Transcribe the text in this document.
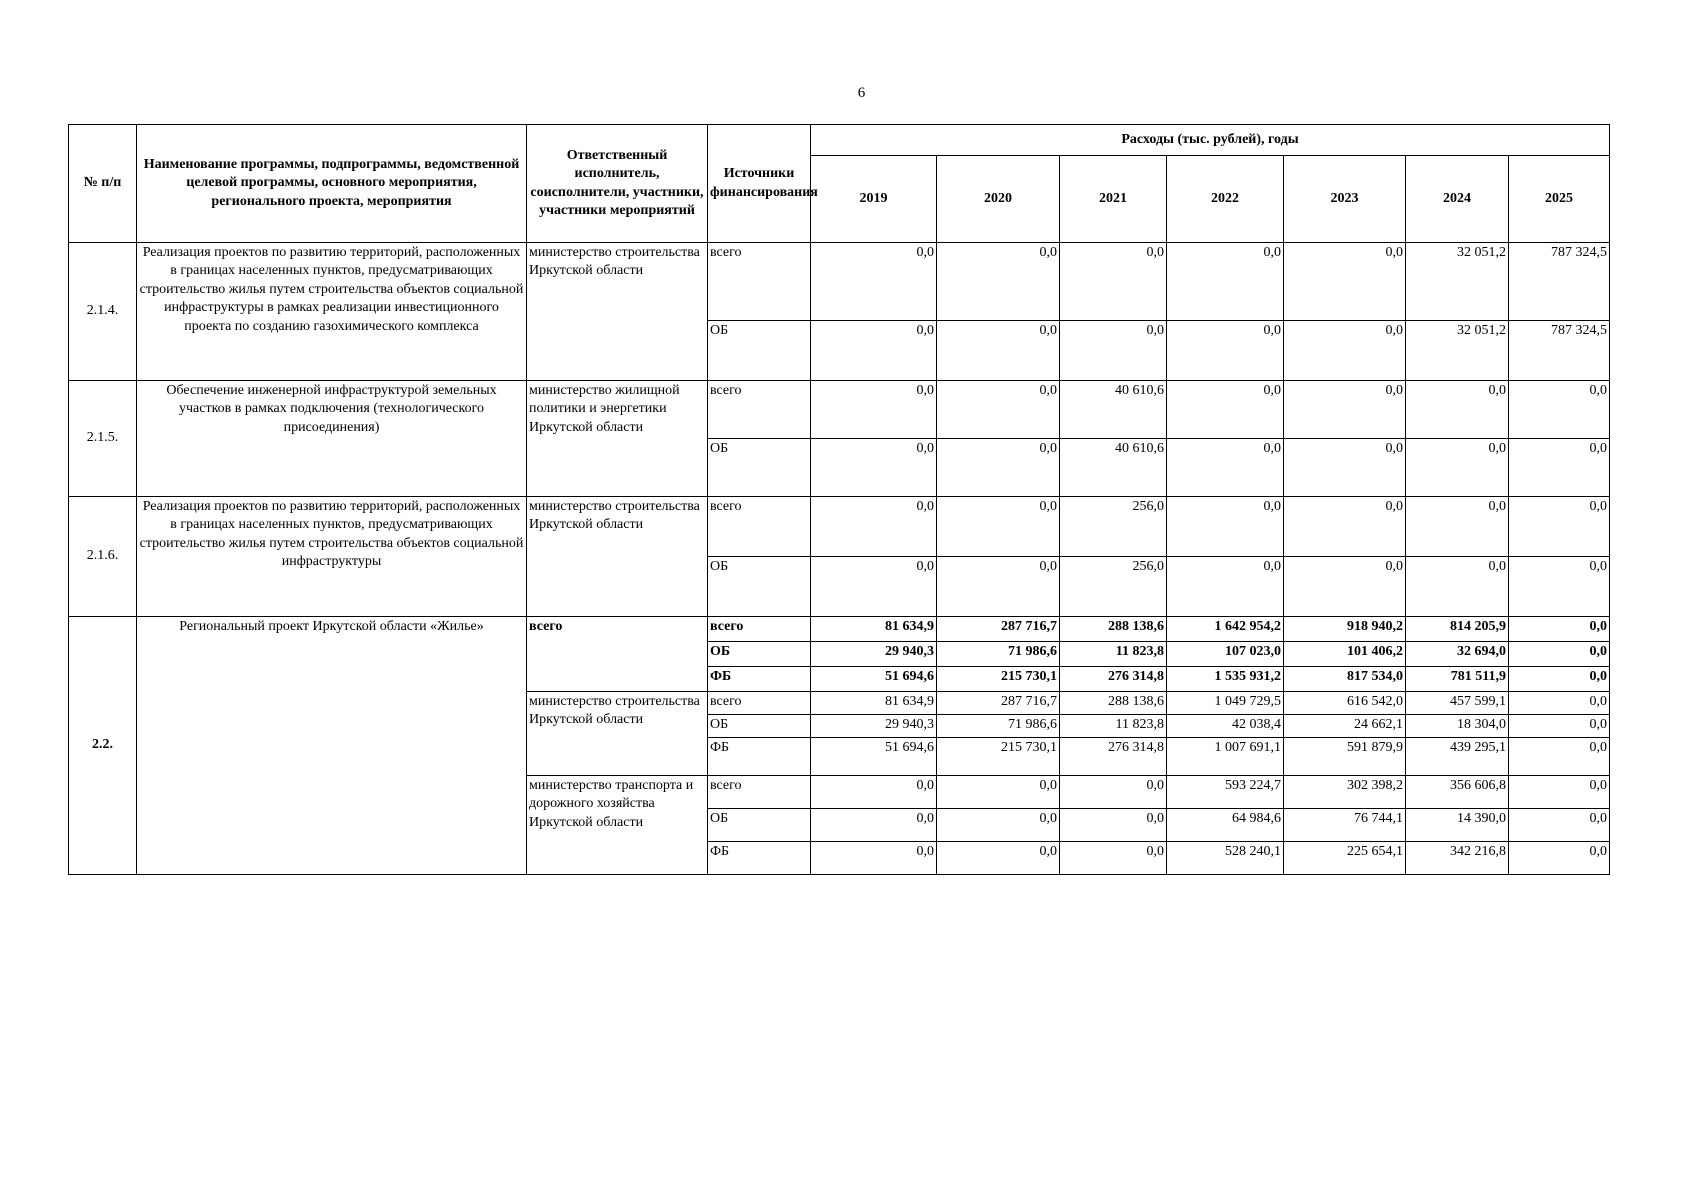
6
№ п/п	Наименование программы, подпрограммы, ведомственной целевой программы, основного мероприятия, регионального проекта, мероприятия	Ответственный исполнитель, соисполнители, участники, участники мероприятий	Источники финансирования	Расходы (тыс. рублей), годы						
				2019	2020	2021	2022	2023	2024	2025
2.1.4.	Реализация проектов по развитию территорий, расположенных в границах населенных пунктов, предусматривающих строительство жилья путем строительства объектов социальной инфраструктуры в рамках реализации инвестиционного проекта по созданию газохимического комплекса	министерство строительства Иркутской области	всего	0,0	0,0	0,0	0,0	0,0	32 051,2	787 324,5
			ОБ	0,0	0,0	0,0	0,0	0,0	32 051,2	787 324,5
2.1.5.	Обеспечение инженерной инфраструктурой земельных участков в рамках подключения (технологического присоединения)	министерство жилищной политики и энергетики Иркутской области	всего	0,0	0,0	40 610,6	0,0	0,0	0,0	0,0
			ОБ	0,0	0,0	40 610,6	0,0	0,0	0,0	0,0
2.1.6.	Реализация проектов по развитию территорий, расположенных в границах населенных пунктов, предусматривающих строительство жилья путем строительства объектов социальной инфраструктуры	министерство строительства Иркутской области	всего	0,0	0,0	256,0	0,0	0,0	0,0	0,0
			ОБ	0,0	0,0	256,0	0,0	0,0	0,0	0,0
2.2.	Региональный проект Иркутской области «Жилье»	всего	всего	81 634,9	287 716,7	288 138,6	1 642 954,2	918 940,2	814 205,9	0,0
			ОБ	29 940,3	71 986,6	11 823,8	107 023,0	101 406,2	32 694,0	0,0
			ФБ	51 694,6	215 730,1	276 314,8	1 535 931,2	817 534,0	781 511,9	0,0
		министерство строительства Иркутской области	всего	81 634,9	287 716,7	288 138,6	1 049 729,5	616 542,0	457 599,1	0,0
			ОБ	29 940,3	71 986,6	11 823,8	42 038,4	24 662,1	18 304,0	0,0
			ФБ	51 694,6	215 730,1	276 314,8	1 007 691,1	591 879,9	439 295,1	0,0
		министерство транспорта и дорожного хозяйства Иркутской области	всего	0,0	0,0	0,0	593 224,7	302 398,2	356 606,8	0,0
			ОБ	0,0	0,0	0,0	64 984,6	76 744,1	14 390,0	0,0
			ФБ	0,0	0,0	0,0	528 240,1	225 654,1	342 216,8	0,0
